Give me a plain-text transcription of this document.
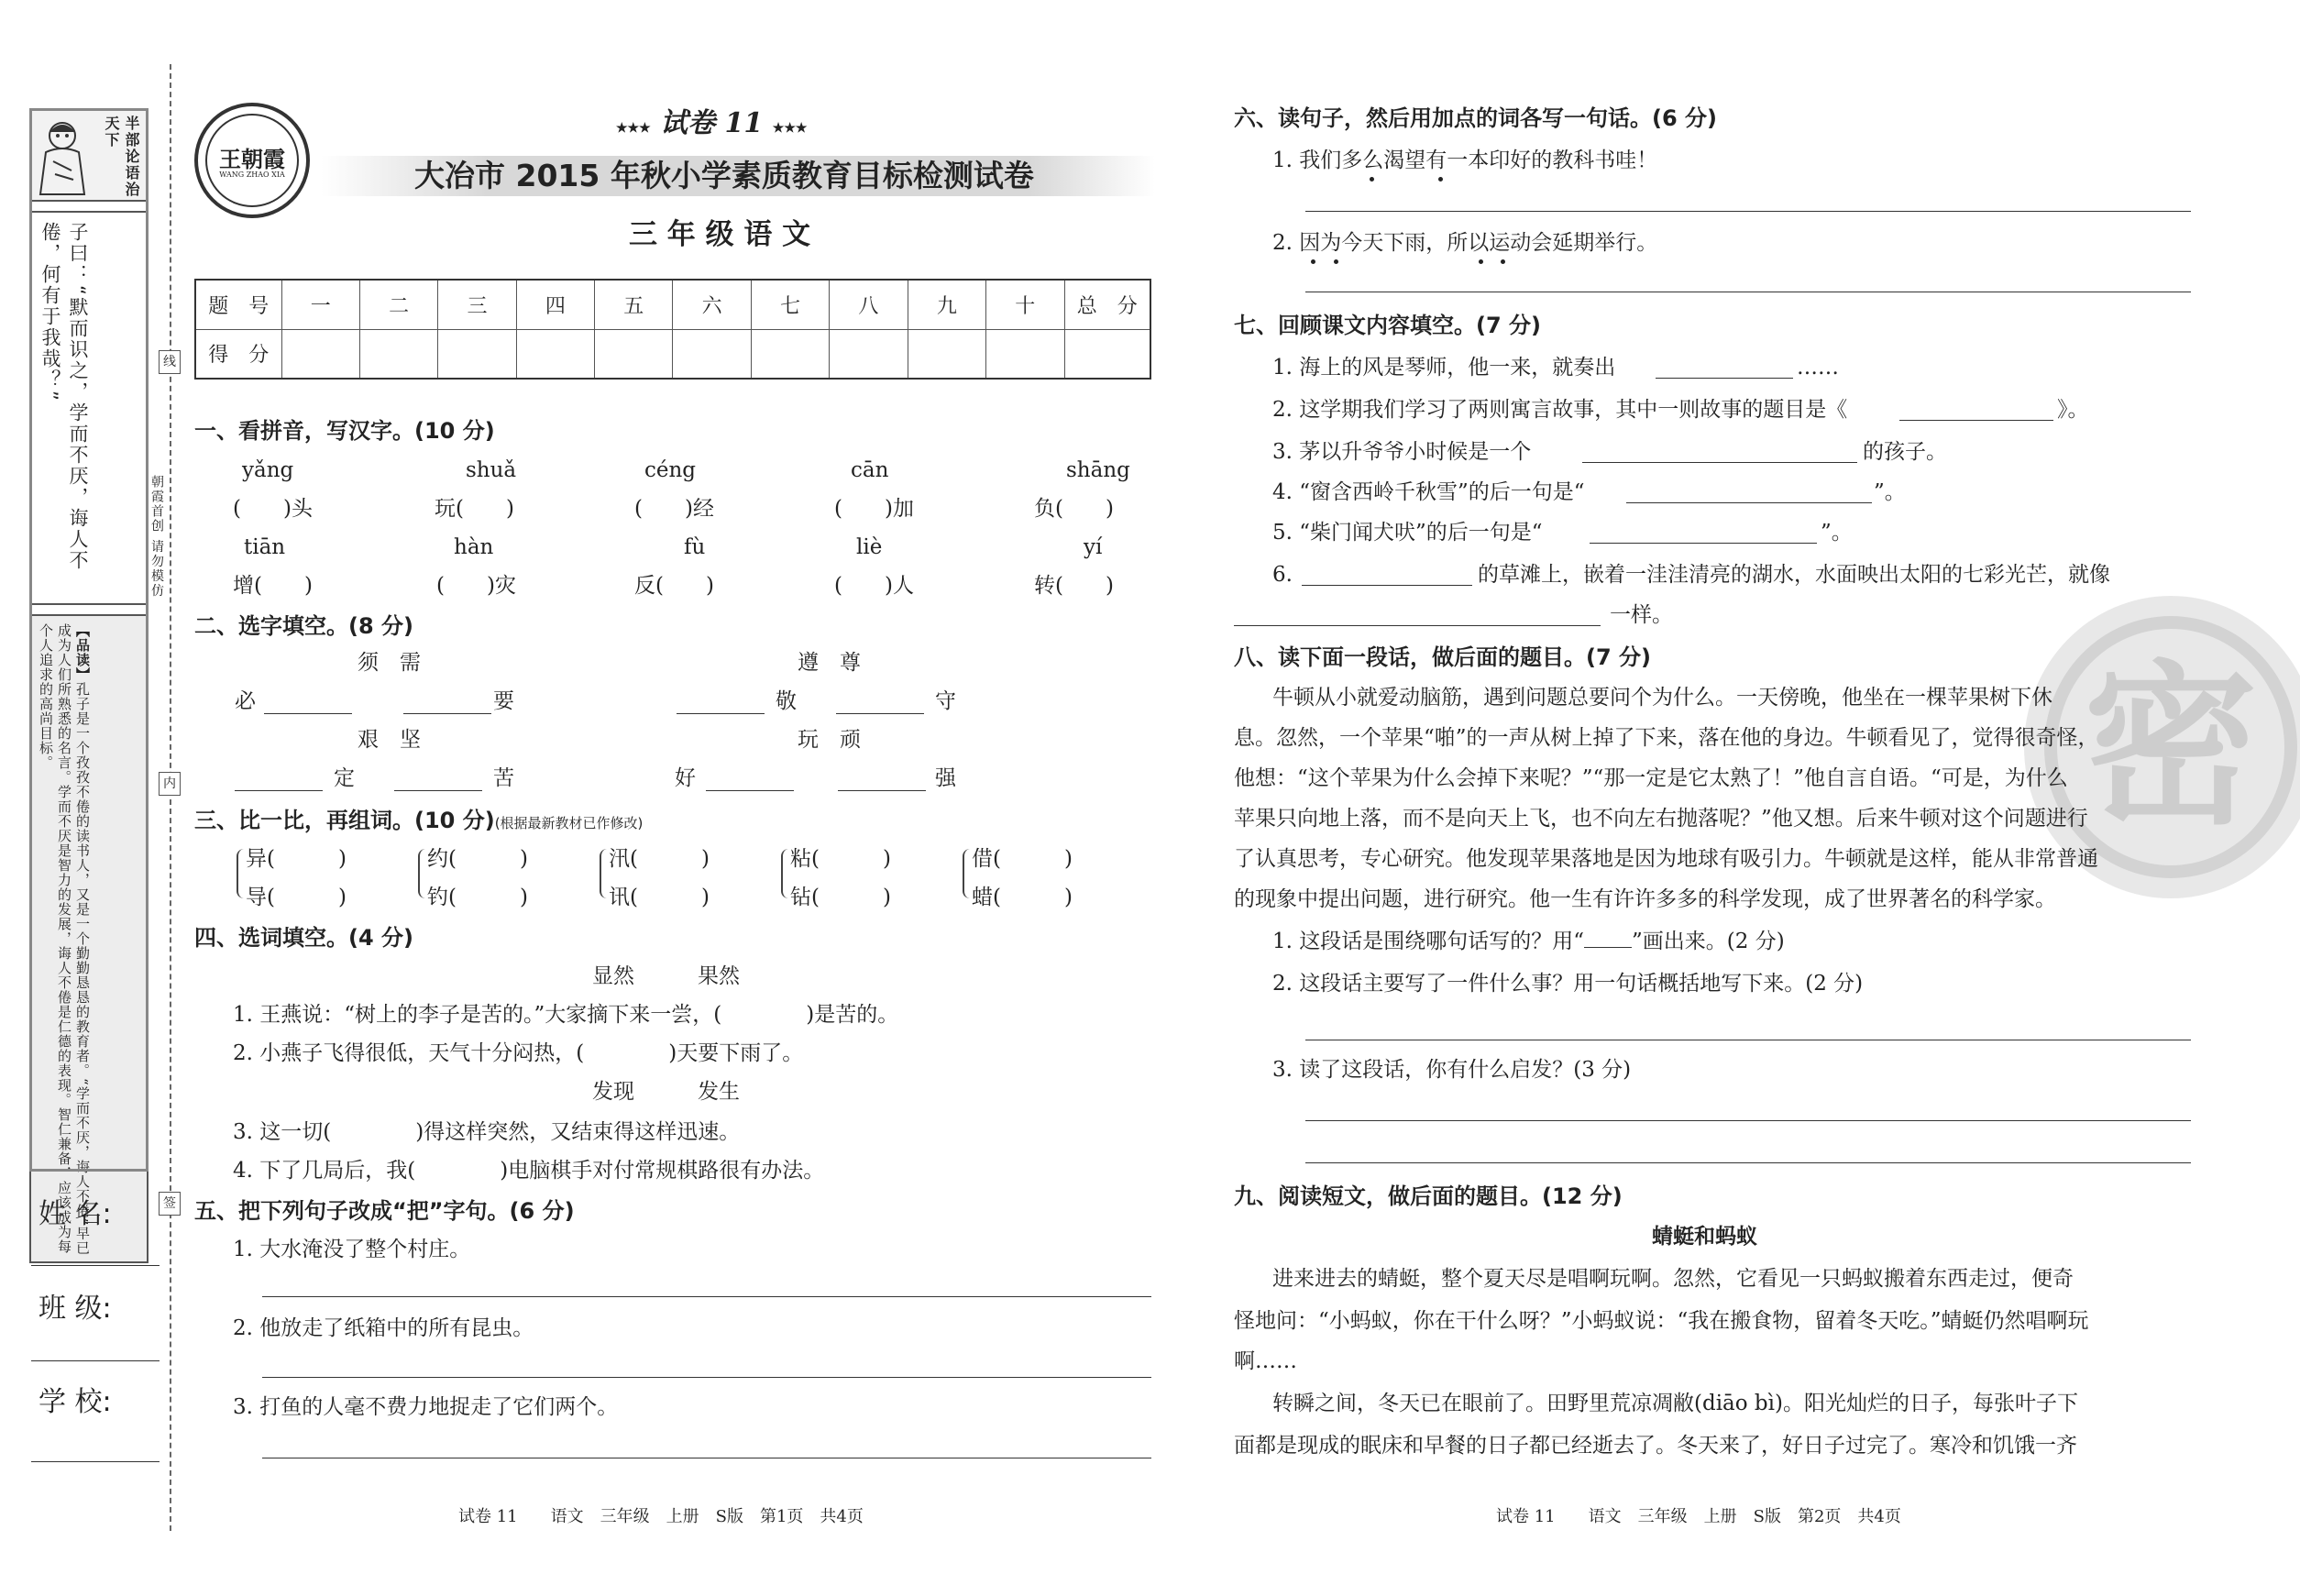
半部论语治天下
子曰：“默而识之，学而不厌，诲人不倦，何有于我哉？”
【品读】孔子是一个孜孜不倦的读书人，又是一个勤勤恳恳的教育者。“学而不厌，诲人不倦”早已成为人们所熟悉的名言。学而不厌是智力的发展，诲人不倦是仁德的表现。智仁兼备，应该成为每个人追求的高尚目标。
朝霞首创 请勿模仿
线
内
签
姓 名:
班 级:
学 校:
王朝霞
WANG ZHAO XIA
★★★ 试卷 11 ★★★
大冶市 2015 年秋小学素质教育目标检测试卷
三 年 级 语 文
题　号	一	二	三	四	五	六	七	八	九	十	总　分
得　分											
一、看拼音，写汉字。(10 分)
yǎng	shuǎ	céng	cān	shāng
(　　)头	玩(　　)	(　　)经	(　　)加	负(　　)
tiān	hàn	fù	liè	yí
增(　　)	(　　)灾	反(　　)	(　　)人	转(　　)
二、选字填空。(8 分)
须　需	遵　尊
必	要	敬	守
艰　坚	玩　顽
定	苦	好	强
三、比一比，再组词。(10 分)(根据最新教材已作修改)
异(　　　)	约(　　　)	汛(　　　)	粘(　　　)	借(　　　)
导(　　　)	钓(　　　)	讯(　　　)	钻(　　　)	蜡(　　　)
四、选词填空。(4 分)
显然　　　果然
1. 王燕说：“树上的李子是苦的。”大家摘下来一尝，(　　　　)是苦的。
2. 小燕子飞得很低，天气十分闷热，(　　　　)天要下雨了。
发现　　　发生
3. 这一切(　　　　)得这样突然，又结束得这样迅速。
4. 下了几局后，我(　　　　)电脑棋手对付常规棋路很有办法。
五、把下列句子改成“把”字句。(6 分)
1. 大水淹没了整个村庄。
2. 他放走了纸箱中的所有昆虫。
3. 打鱼的人毫不费力地捉走了它们两个。
试卷 11　　语文　三年级　上册　S版　第1页　共4页
密
六、读句子，然后用加点的词各写一句话。(6 分)
1. 我们多么渴望有一本印好的教科书哇！
2. 因为今天下雨，所以运动会延期举行。
七、回顾课文内容填空。(7 分)
1. 海上的风是琴师，他一来，就奏出	……
2. 这学期我们学习了两则寓言故事，其中一则故事的题目是《	》。
3. 茅以升爷爷小时候是一个	的孩子。
4. “窗含西岭千秋雪”的后一句是“	”。
5. “柴门闻犬吠”的后一句是“	”。
6.	的草滩上，嵌着一洼洼清亮的湖水，水面映出太阳的七彩光芒，就像
一样。
八、读下面一段话，做后面的题目。(7 分)
牛顿从小就爱动脑筋，遇到问题总要问个为什么。一天傍晚，他坐在一棵苹果树下休
息。忽然，一个苹果“啪”的一声从树上掉了下来，落在他的身边。牛顿看见了，觉得很奇怪，
他想：“这个苹果为什么会掉下来呢？”“那一定是它太熟了！”他自言自语。“可是，为什么
苹果只向地上落，而不是向天上飞，也不向左右抛落呢？”他又想。后来牛顿对这个问题进行
了认真思考，专心研究。他发现苹果落地是因为地球有吸引力。牛顿就是这样，能从非常普通
的现象中提出问题，进行研究。他一生有许许多多的科学发现，成了世界著名的科学家。
1. 这段话是围绕哪句话写的？用“ ”画出来。(2 分)
2. 这段话主要写了一件什么事？用一句话概括地写下来。(2 分)
3. 读了这段话，你有什么启发？(3 分)
九、阅读短文，做后面的题目。(12 分)
蜻蜓和蚂蚁
进来进去的蜻蜓，整个夏天尽是唱啊玩啊。忽然，它看见一只蚂蚁搬着东西走过，便奇
怪地问：“小蚂蚁，你在干什么呀？”小蚂蚁说：“我在搬食物，留着冬天吃。”蜻蜓仍然唱啊玩
啊……
转瞬之间，冬天已在眼前了。田野里荒凉凋敝(diāo bì)。阳光灿烂的日子，每张叶子下
面都是现成的眠床和早餐的日子都已经逝去了。冬天来了，好日子过完了。寒冷和饥饿一齐
试卷 11　　语文　三年级　上册　S版　第2页　共4页
